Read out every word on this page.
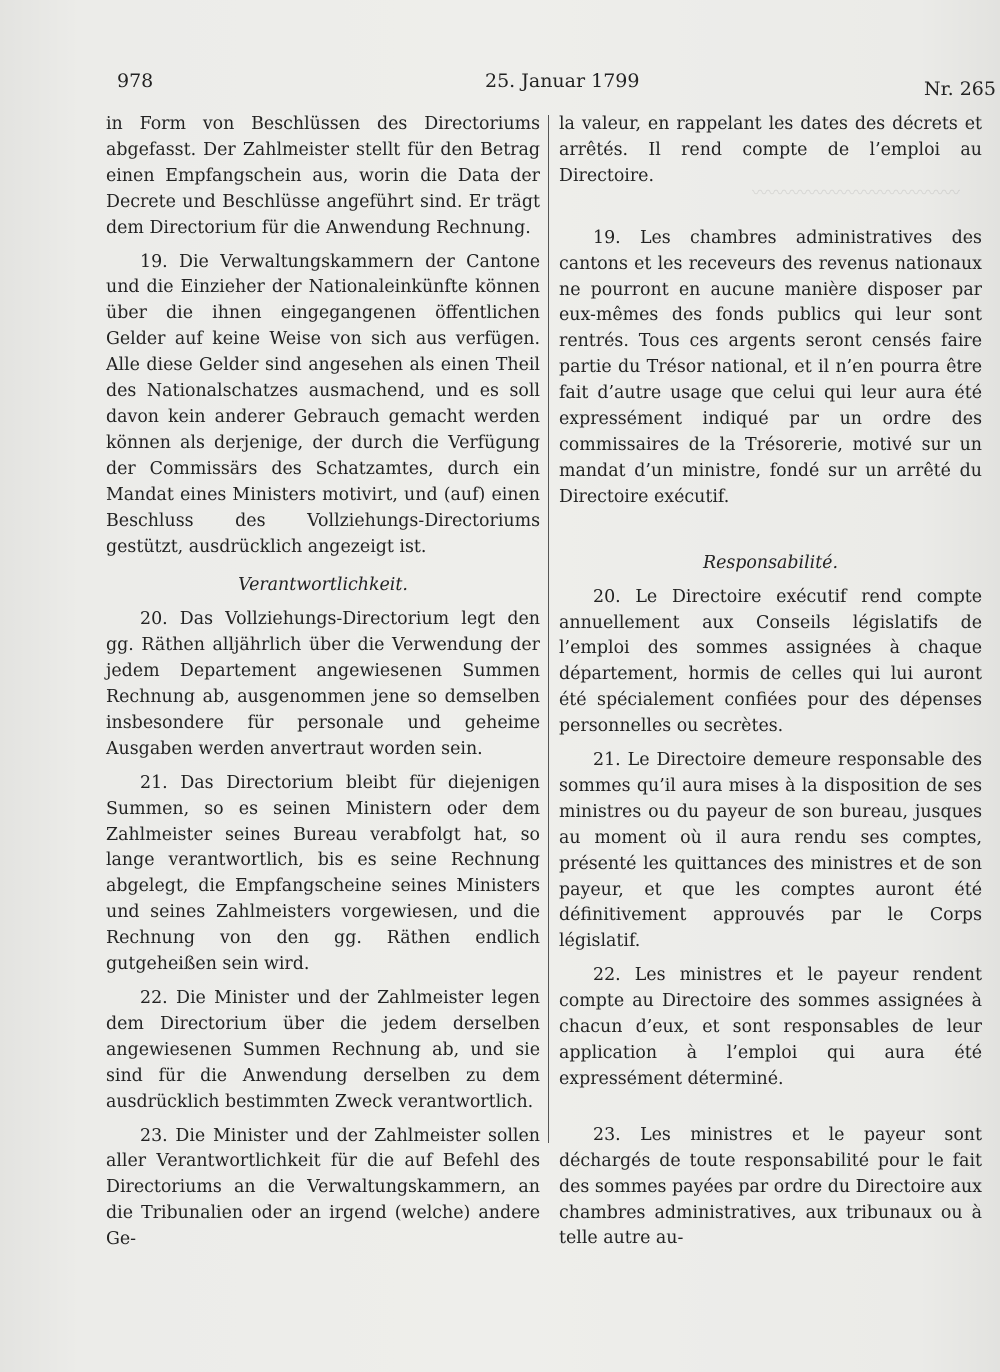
〰〰〰〰〰〰〰〰〰〰〰〰〰
978	25. Januar 1799	Nr. 265

in Form von Beschlüssen des Directoriums abgefasst. Der Zahlmeister stellt für den Betrag einen Empfangschein aus, worin die Data der Decrete und Beschlüsse angeführt sind. Er trägt dem Directorium für die Anwendung Rechnung.

19. Die Verwaltungskammern der Cantone und die Einzieher der Nationaleinkünfte können über die ihnen eingegangenen öffentlichen Gelder auf keine Weise von sich aus verfügen. Alle diese Gelder sind angesehen als einen Theil des Nationalschatzes ausmachend, und es soll davon kein anderer Gebrauch gemacht werden können als derjenige, der durch die Verfügung der Commissärs des Schatzamtes, durch ein Mandat eines Ministers motivirt, und (auf) einen Beschluss des Vollziehungs-Directoriums gestützt, ausdrücklich angezeigt ist.

Verantwortlichkeit.

20. Das Vollziehungs-Directorium legt den gg. Räthen alljährlich über die Verwendung der jedem Departement angewiesenen Summen Rechnung ab, ausgenommen jene so demselben insbesondere für personale und geheime Ausgaben werden anvertraut worden sein.

21. Das Directorium bleibt für diejenigen Summen, so es seinen Ministern oder dem Zahlmeister seines Bureau verabfolgt hat, so lange verantwortlich, bis es seine Rechnung abgelegt, die Empfangscheine seines Ministers und seines Zahlmeisters vorgewiesen, und die Rechnung von den gg. Räthen endlich gutgeheißen sein wird.

22. Die Minister und der Zahlmeister legen dem Directorium über die jedem derselben angewiesenen Summen Rechnung ab, und sie sind für die Anwendung derselben zu dem ausdrücklich bestimmten Zweck verantwortlich.

23. Die Minister und der Zahlmeister sollen aller Verantwortlichkeit für die auf Befehl des Directoriums an die Verwaltungskammern, an die Tribunalien oder an irgend (welche) andere Ge-

la valeur, en rappelant les dates des décrets et arrêtés. Il rend compte de l’emploi au Directoire.

19. Les chambres administratives des cantons et les receveurs des revenus nationaux ne pourront en aucune manière disposer par eux-mêmes des fonds publics qui leur sont rentrés. Tous ces argents seront censés faire partie du Trésor national, et il n’en pourra être fait d’autre usage que celui qui leur aura été expressément indiqué par un ordre des commissaires de la Trésorerie, motivé sur un mandat d’un ministre, fondé sur un arrêté du Directoire exécutif.

Responsabilité.

20. Le Directoire exécutif rend compte annuellement aux Conseils législatifs de l’emploi des sommes assignées à chaque département, hormis de celles qui lui auront été spécialement confiées pour des dépenses personnelles ou secrètes.

21. Le Directoire demeure responsable des sommes qu’il aura mises à la disposition de ses ministres ou du payeur de son bureau, jusques au moment où il aura rendu ses comptes, présenté les quittances des ministres et de son payeur, et que les comptes auront été définitivement approuvés par le Corps législatif.

22. Les ministres et le payeur rendent compte au Directoire des sommes assignées à chacun d’eux, et sont responsables de leur application à l’emploi qui aura été expressément déterminé.

23. Les ministres et le payeur sont déchargés de toute responsabilité pour le fait des sommes payées par ordre du Directoire aux chambres administratives, aux tribunaux ou à telle autre au-
